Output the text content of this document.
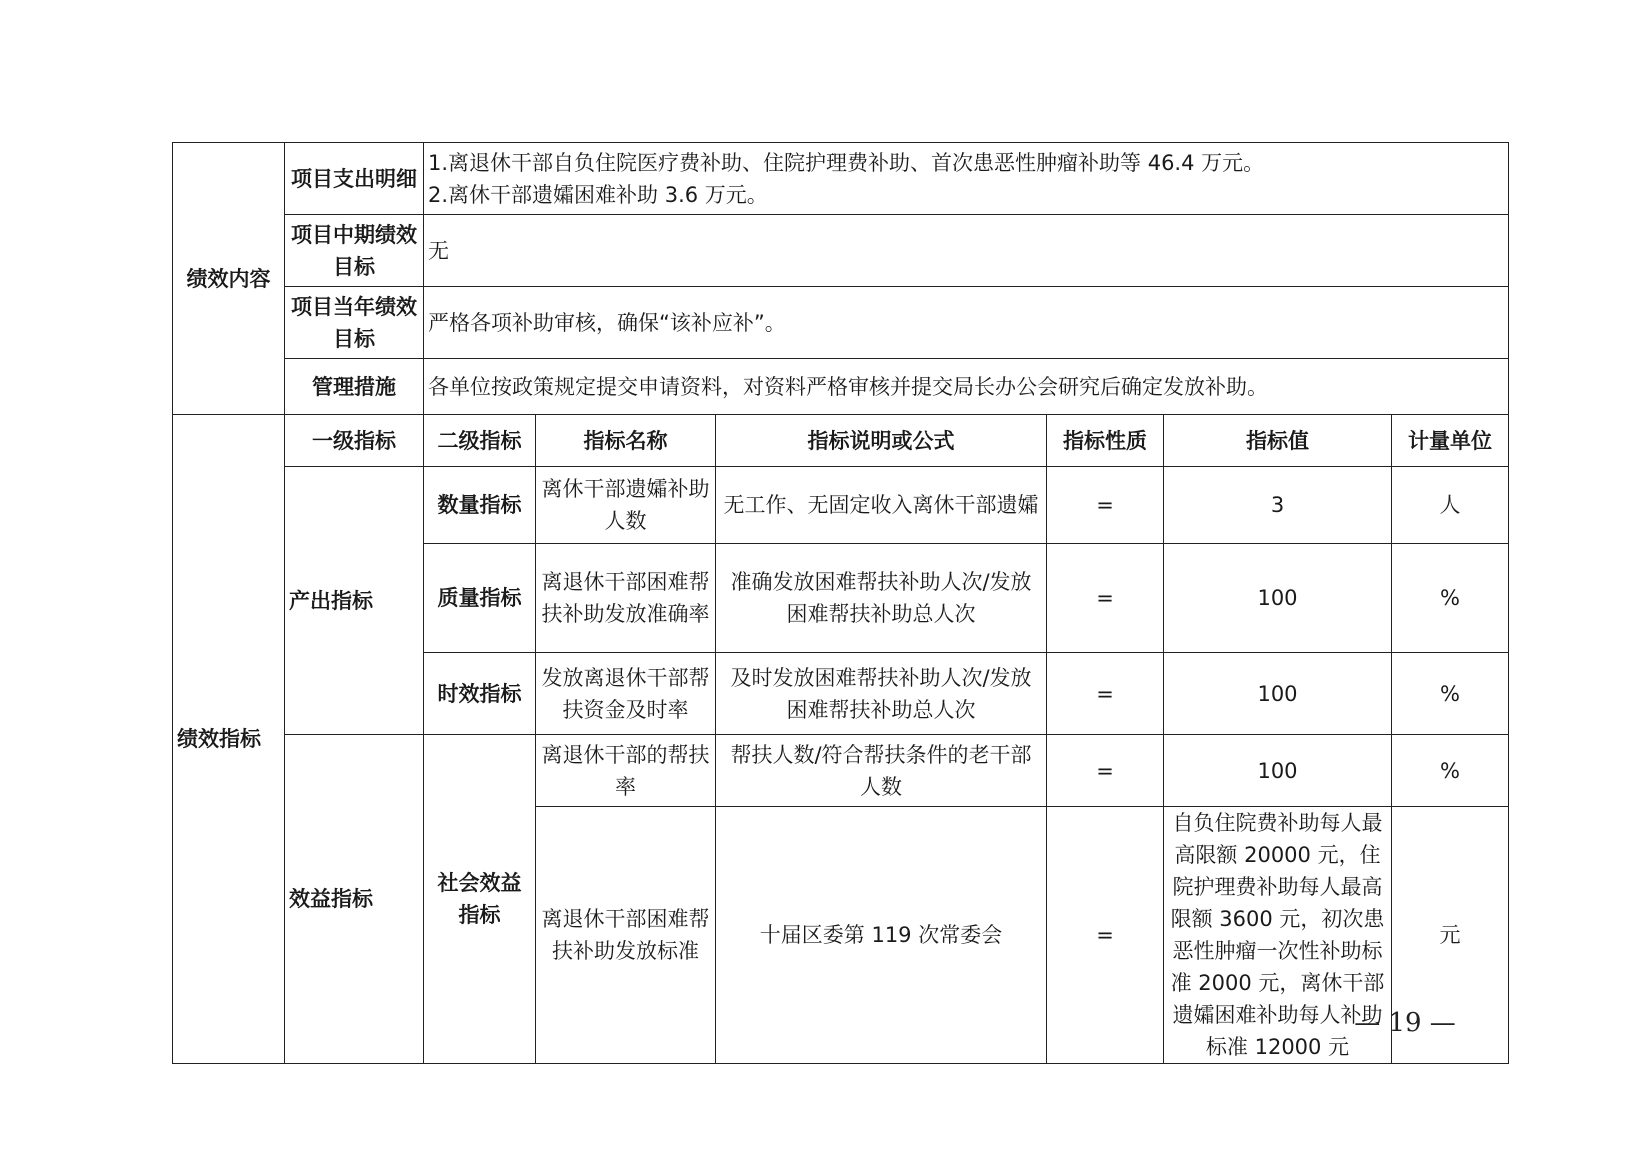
绩效内容	项目支出明细	1.离退休干部自负住院医疗费补助、住院护理费补助、首次患恶性肿瘤补助等 46.4 万元。
2.离休干部遗孀困难补助 3.6 万元。					

	项目中期绩效目标	无					
	项目当年绩效目标	严格各项补助审核，确保“该补应补”。					
	管理措施	各单位按政策规定提交申请资料，对资料严格审核并提交局长办公会研究后确定发放补助。					
绩效指标	一级指标	二级指标	指标名称	指标说明或公式	指标性质	指标值	计量单位
	产出指标	数量指标	离休干部遗孀补助人数	无工作、无固定收入离休干部遗孀	=	3	人
		质量指标	离退休干部困难帮扶补助发放准确率	准确发放困难帮扶补助人次/发放困难帮扶补助总人次	=	100	%
		时效指标	发放离退休干部帮扶资金及时率	及时发放困难帮扶补助人次/发放困难帮扶补助总人次	=	100	%
	效益指标	社会效益指标	离退休干部的帮扶率	帮扶人数/符合帮扶条件的老干部人数	=	100	%
			离退休干部困难帮扶补助发放标准	十届区委第 119 次常委会	=	自负住院费补助每人最高限额 20000 元，住院护理费补助每人最高限额 3600 元，初次患恶性肿瘤一次性补助标准 2000 元，离休干部遗孀困难补助每人补助标准 12000 元	元
— 19 —
